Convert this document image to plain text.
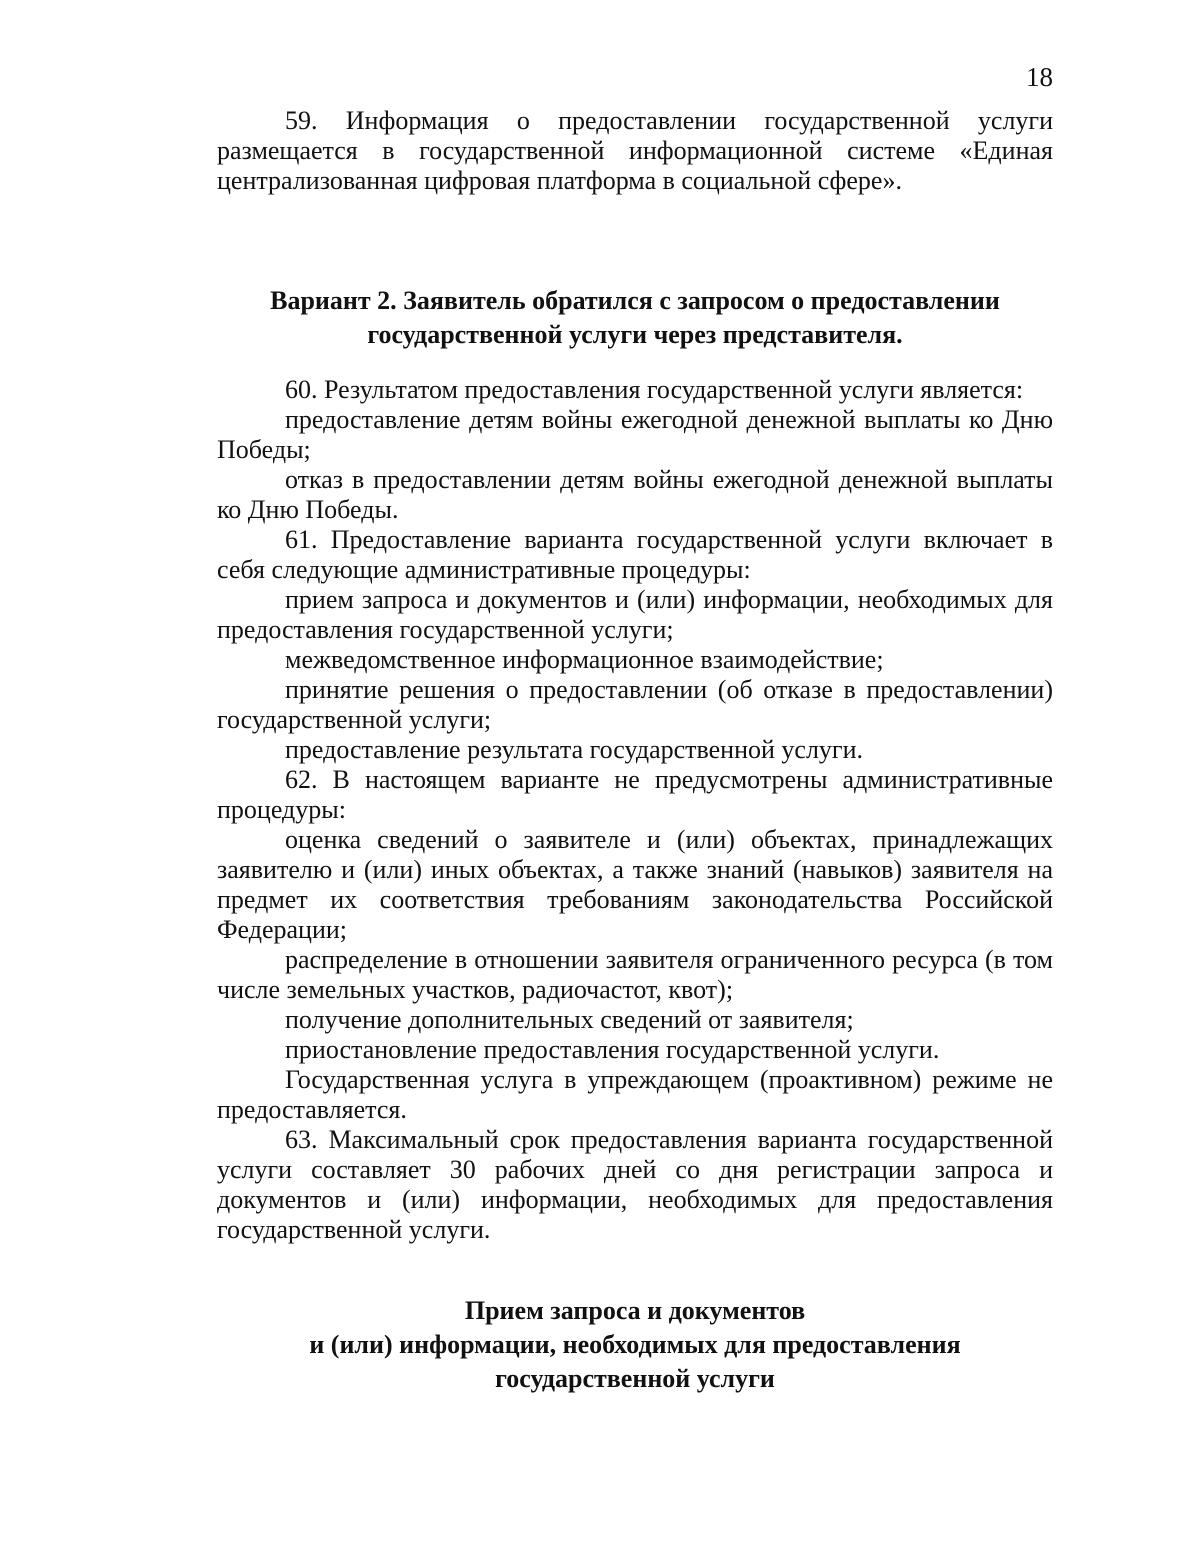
18

59. Информация о предоставлении государственной услуги размещается в государственной информационной системе «Единая централизованная цифровая платформа в социальной сфере».

Вариант 2. Заявитель обратился с запросом о предоставлении
государственной услуги через представителя.

60. Результатом предоставления государственной услуги является:

предоставление детям войны ежегодной денежной выплаты ко Дню Победы;

отказ в предоставлении детям войны ежегодной денежной выплаты ко Дню Победы.

61. Предоставление варианта государственной услуги включает в себя следующие административные процедуры:

прием запроса и документов и (или) информации, необходимых для предоставления государственной услуги;

межведомственное информационное взаимодействие;

принятие решения о предоставлении (об отказе в предоставлении) государственной услуги;

предоставление результата государственной услуги.

62. В настоящем варианте не предусмотрены административные процедуры:

оценка сведений о заявителе и (или) объектах, принадлежащих заявителю и (или) иных объектах, а также знаний (навыков) заявителя на предмет их соответствия требованиям законодательства Российской Федерации;

распределение в отношении заявителя ограниченного ресурса (в том числе земельных участков, радиочастот, квот);

получение дополнительных сведений от заявителя;

приостановление предоставления государственной услуги.

Государственная услуга в упреждающем (проактивном) режиме не предоставляется.

63. Максимальный срок предоставления варианта государственной услуги составляет 30 рабочих дней со дня регистрации запроса и документов и (или) информации, необходимых для предоставления государственной услуги.

Прием запроса и документов
и (или) информации, необходимых для предоставления
государственной услуги
